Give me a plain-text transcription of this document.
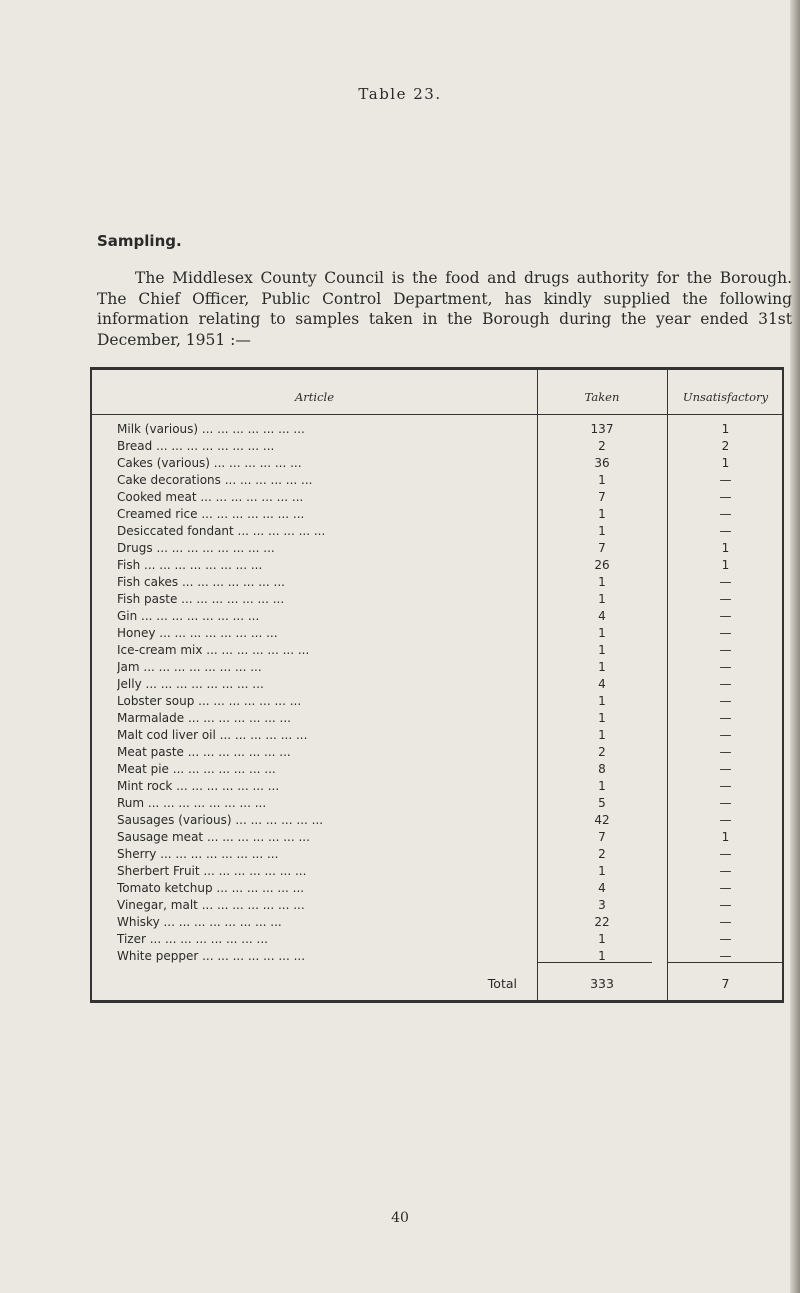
Table 23.
Sampling.
The Middlesex County Council is the food and drugs authority for the Borough. The Chief Officer, Public Control Department, has kindly supplied the following information relating to samples taken in the Borough during the year ended 31st December, 1951 :—
Article	Taken	Unsatisfactory
Milk (various) ... ... ... ... ... ... ...	137	1
Bread ... ... ... ... ... ... ... ...	2	2
Cakes (various) ... ... ... ... ... ...	36	1
Cake decorations ... ... ... ... ... ...	1	—
Cooked meat ... ... ... ... ... ... ...	7	—
Creamed rice ... ... ... ... ... ... ...	1	—
Desiccated fondant ... ... ... ... ... ...	1	—
Drugs ... ... ... ... ... ... ... ...	7	1
Fish ... ... ... ... ... ... ... ...	26	1
Fish cakes ... ... ... ... ... ... ...	1	—
Fish paste ... ... ... ... ... ... ...	1	—
Gin ... ... ... ... ... ... ... ...	4	—
Honey ... ... ... ... ... ... ... ...	1	—
Ice-cream mix ... ... ... ... ... ... ...	1	—
Jam ... ... ... ... ... ... ... ...	1	—
Jelly ... ... ... ... ... ... ... ...	4	—
Lobster soup ... ... ... ... ... ... ...	1	—
Marmalade ... ... ... ... ... ... ...	1	—
Malt cod liver oil ... ... ... ... ... ...	1	—
Meat paste ... ... ... ... ... ... ...	2	—
Meat pie ... ... ... ... ... ... ...	8	—
Mint rock ... ... ... ... ... ... ...	1	—
Rum ... ... ... ... ... ... ... ...	5	—
Sausages (various) ... ... ... ... ... ...	42	—
Sausage meat ... ... ... ... ... ... ...	7	1
Sherry ... ... ... ... ... ... ... ...	2	—
Sherbert Fruit ... ... ... ... ... ... ...	1	—
Tomato ketchup ... ... ... ... ... ...	4	—
Vinegar, malt ... ... ... ... ... ... ...	3	—
Whisky ... ... ... ... ... ... ... ...	22	—
Tizer ... ... ... ... ... ... ... ...	1	—
White pepper ... ... ... ... ... ... ...	1	—
Total	333	7
40
